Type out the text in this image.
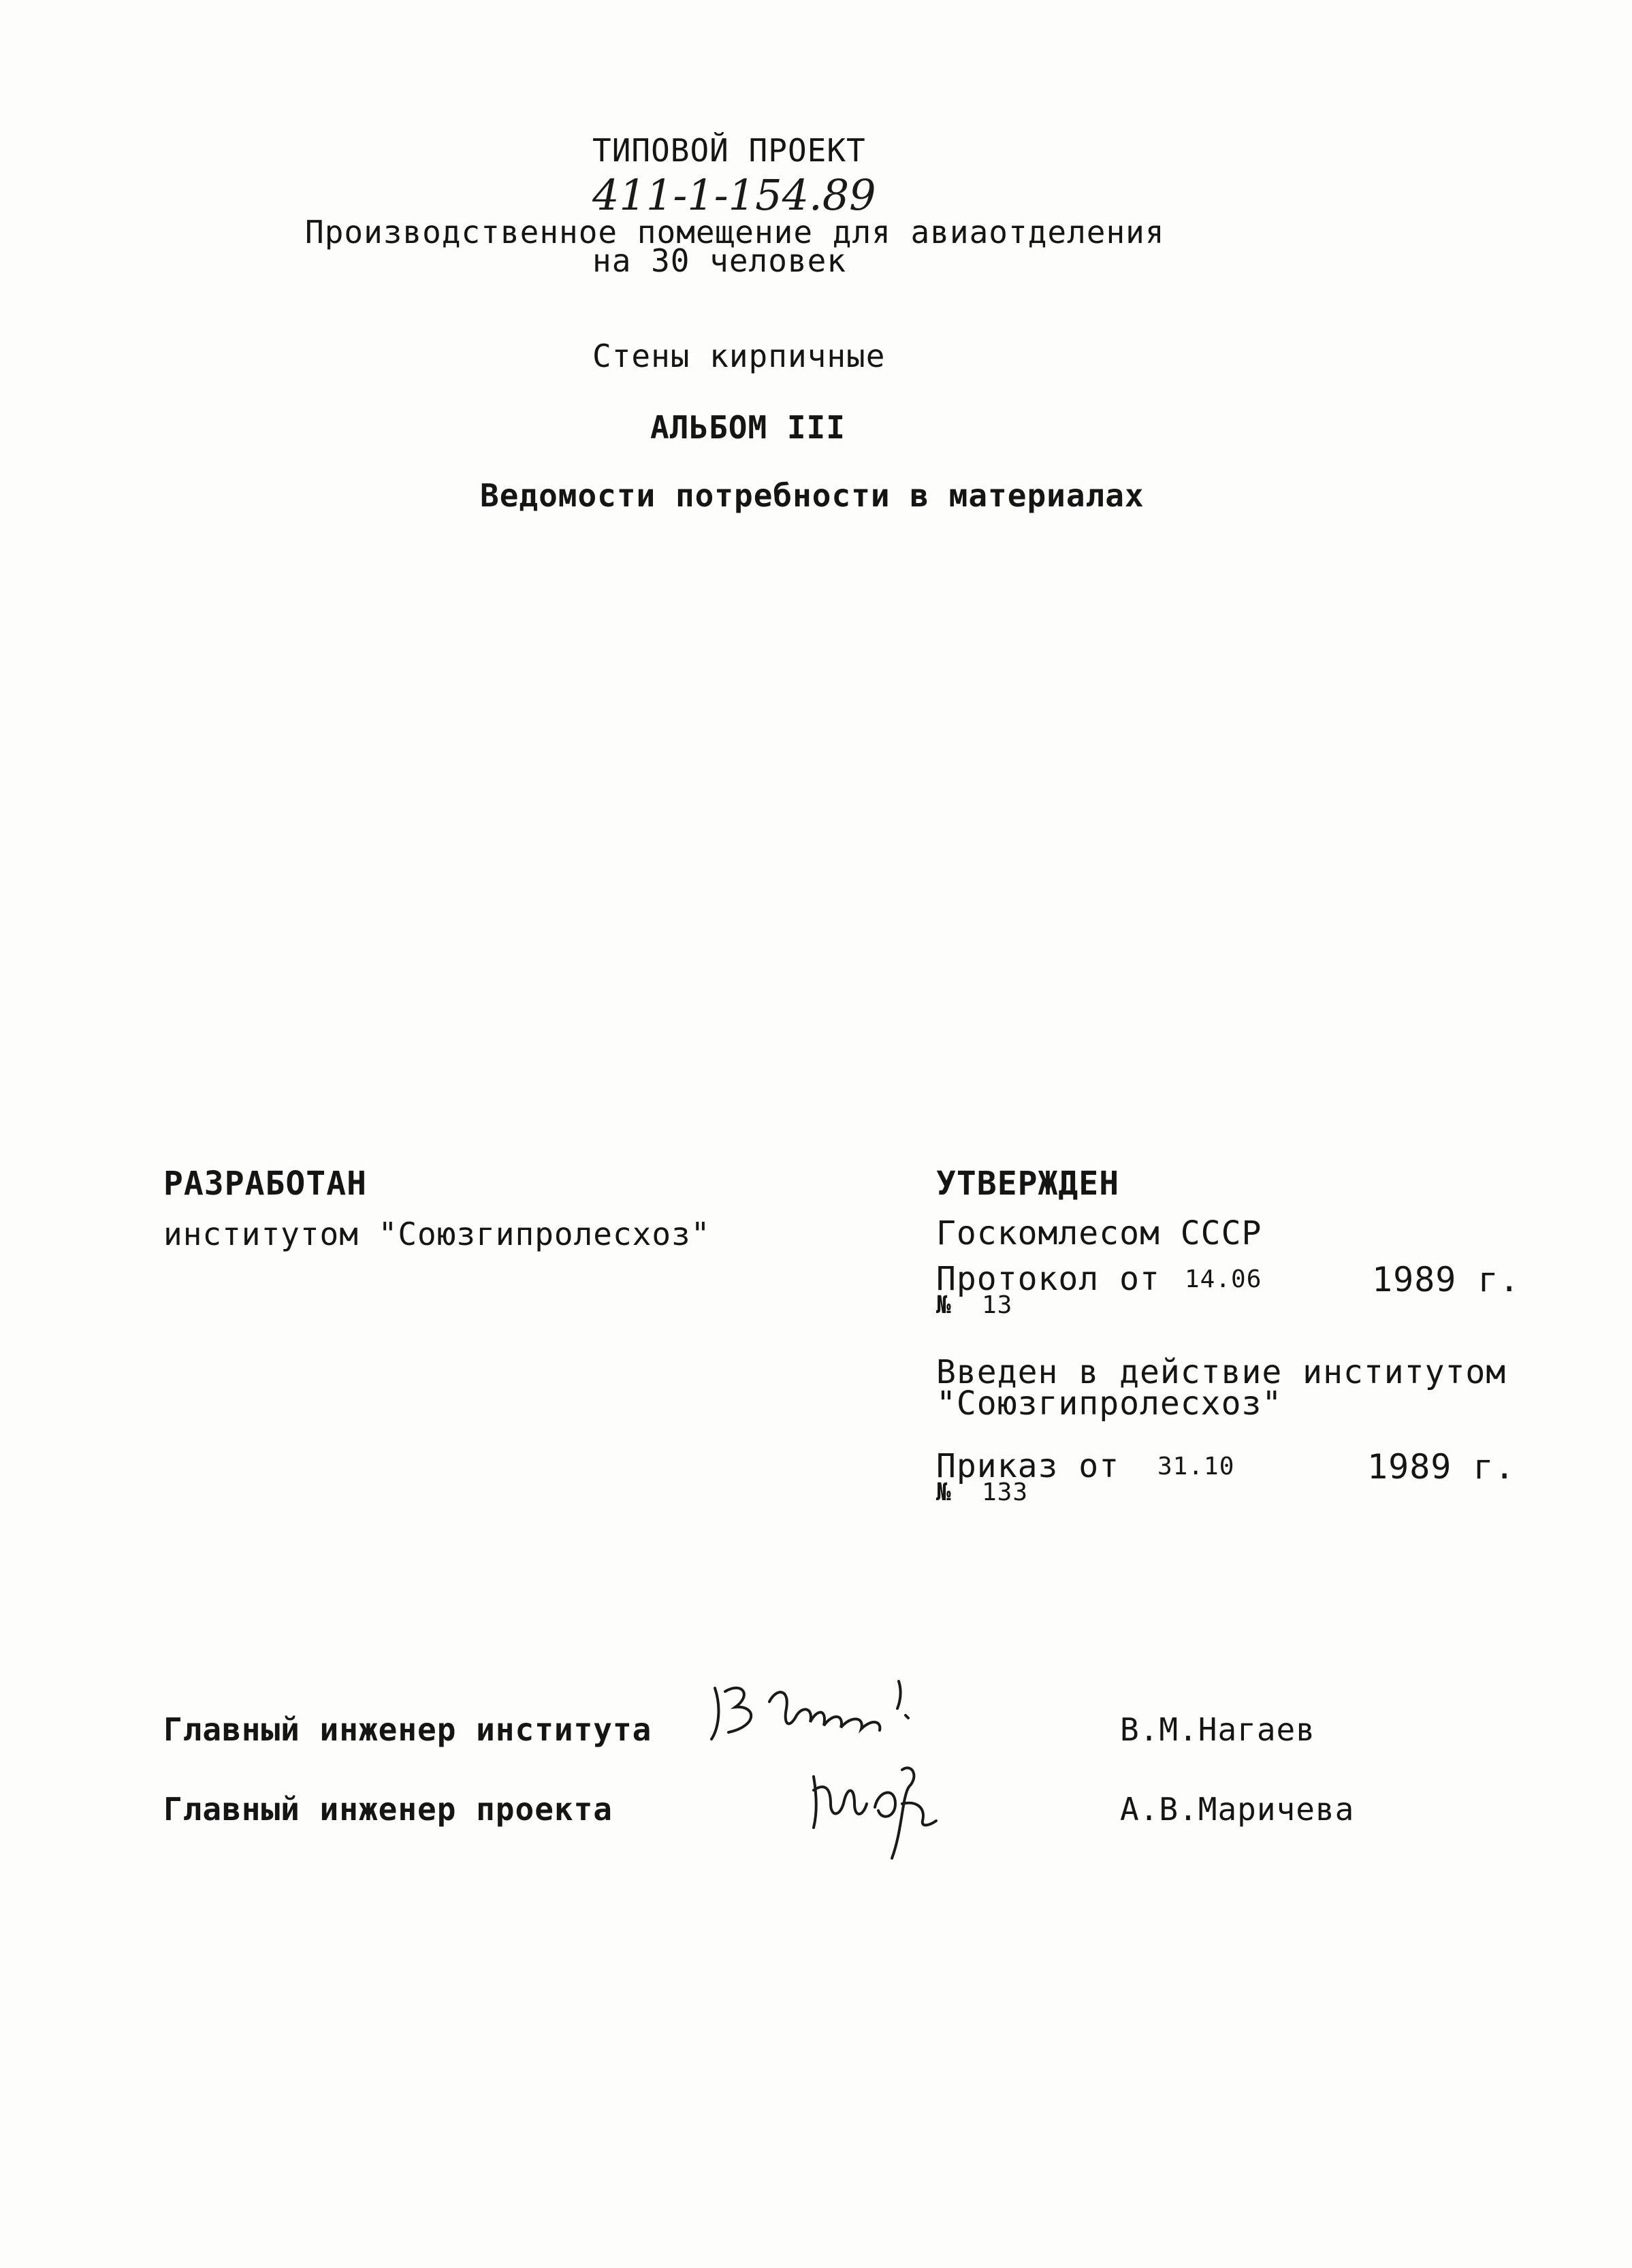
ТИПОВОЙ ПРОЕКТ
411-1-154.89
Производственное помещение для авиаотделения
на 30 человек
Стены кирпичные
АЛЬБОМ III
Ведомости потребности в материалах
РАЗРАБОТАН
институтом "Союзгипролесхоз"
УТВЕРЖДЕН
Госкомлесом СССР
Протокол от 14.06	1989 г.
№ 13
Введен в действие институтом
"Союзгипролесхоз"
Приказ от 31.10	1989 г.
№ 133
Главный инженер института	В.М.Нагаев
Главный инженер проекта	А.В.Маричева
